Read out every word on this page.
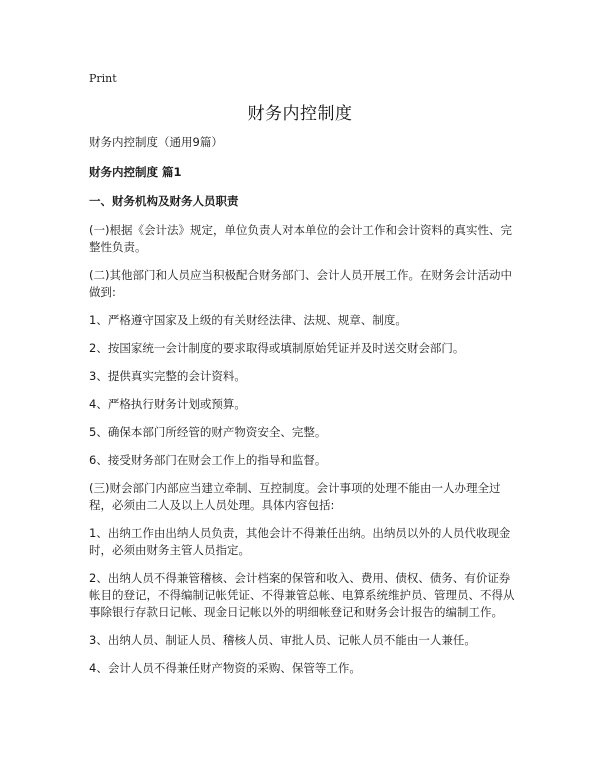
Print
财务内控制度

财务内控制度（通用9篇）

财务内控制度 篇1

一、财务机构及财务人员职责

(一)根据《会计法》规定，单位负责人对本单位的会计工作和会计资料的真实性、完整性负责。

(二)其他部门和人员应当积极配合财务部门、会计人员开展工作。在财务会计活动中做到:

1、严格遵守国家及上级的有关财经法律、法规、规章、制度。

2、按国家统一会计制度的要求取得或填制原始凭证并及时送交财会部门。

3、提供真实完整的会计资料。

4、严格执行财务计划或预算。

5、确保本部门所经管的财产物资安全、完整。

6、接受财务部门在财会工作上的指导和监督。

(三)财会部门内部应当建立牵制、互控制度。会计事项的处理不能由一人办理全过程，必须由二人及以上人员处理。具体内容包括:

1、出纳工作由出纳人员负责，其他会计不得兼任出纳。出纳员以外的人员代收现金时，必须由财务主管人员指定。

2、出纳人员不得兼管稽核、会计档案的保管和收入、费用、债权、债务、有价证券帐目的登记，不得编制记帐凭证、不得兼管总帐、电算系统维护员、管理员、不得从事除银行存款日记帐、现金日记帐以外的明细帐登记和财务会计报告的编制工作。

3、出纳人员、制证人员、稽核人员、审批人员、记帐人员不能由一人兼任。

4、会计人员不得兼任财产物资的采购、保管等工作。
